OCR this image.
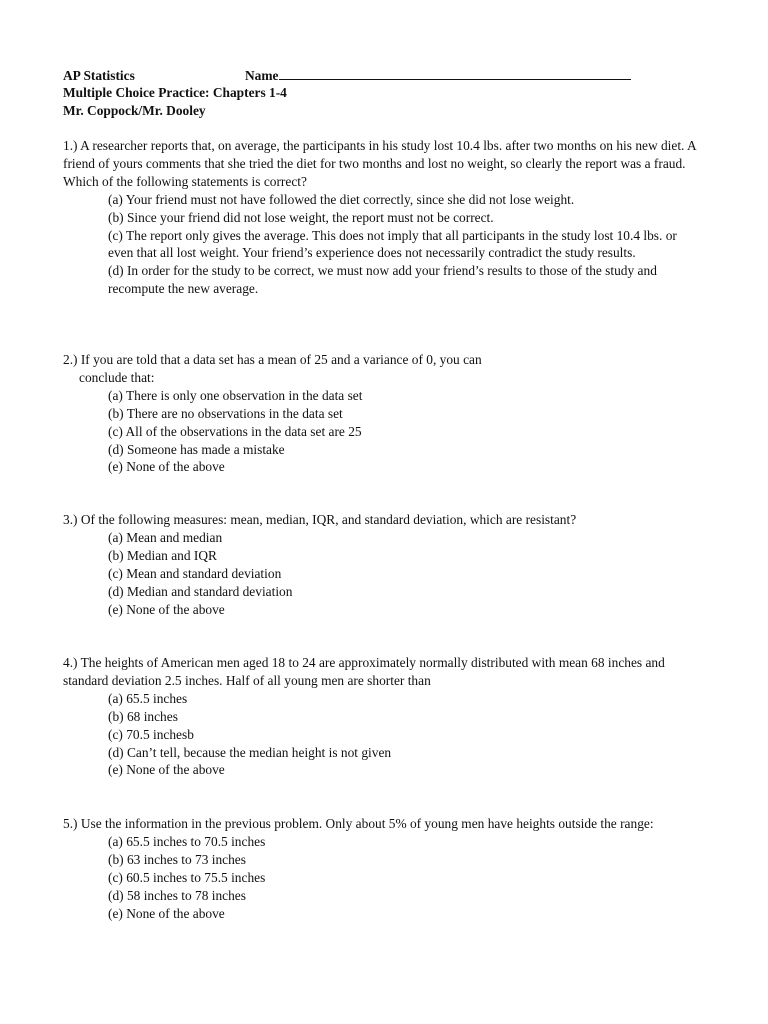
AP Statistics	Name
Multiple Choice Practice: Chapters 1-4
Mr. Coppock/Mr. Dooley

1.) A researcher reports that, on average, the participants in his study lost 10.4 lbs. after two months on his new diet. A friend of yours comments that she tried the diet for two months and lost no weight, so clearly the report was a fraud. Which of the following statements is correct?

(a) Your friend must not have followed the diet correctly, since she did not lose weight.
(b) Since your friend did not lose weight, the report must not be correct.
(c) The report only gives the average. This does not imply that all participants in the study lost 10.4 lbs. or even that all lost weight. Your friend’s experience does not necessarily contradict the study results.
(d) In order for the study to be correct, we must now add your friend’s results to those of the study and recompute the new average.

2.) If you are told that a data set has a mean of 25 and a variance of 0, you can

conclude that:

(a) There is only one observation in the data set
(b) There are no observations in the data set
(c) All of the observations in the data set are 25
(d) Someone has made a mistake
(e) None of the above

3.) Of the following measures: mean, median, IQR, and standard deviation, which are resistant?

(a) Mean and median
(b) Median and IQR
(c) Mean and standard deviation
(d) Median and standard deviation
(e) None of the above

4.) The heights of American men aged 18 to 24 are approximately normally distributed with mean 68 inches and standard deviation 2.5 inches. Half of all young men are shorter than

(a) 65.5 inches
(b) 68 inches
(c) 70.5 inchesb
(d) Can’t tell, because the median height is not given
(e) None of the above

5.) Use the information in the previous problem. Only about 5% of young men have heights outside the range:

(a) 65.5 inches to 70.5 inches
(b) 63 inches to 73 inches
(c) 60.5 inches to 75.5 inches
(d) 58 inches to 78 inches
(e) None of the above
